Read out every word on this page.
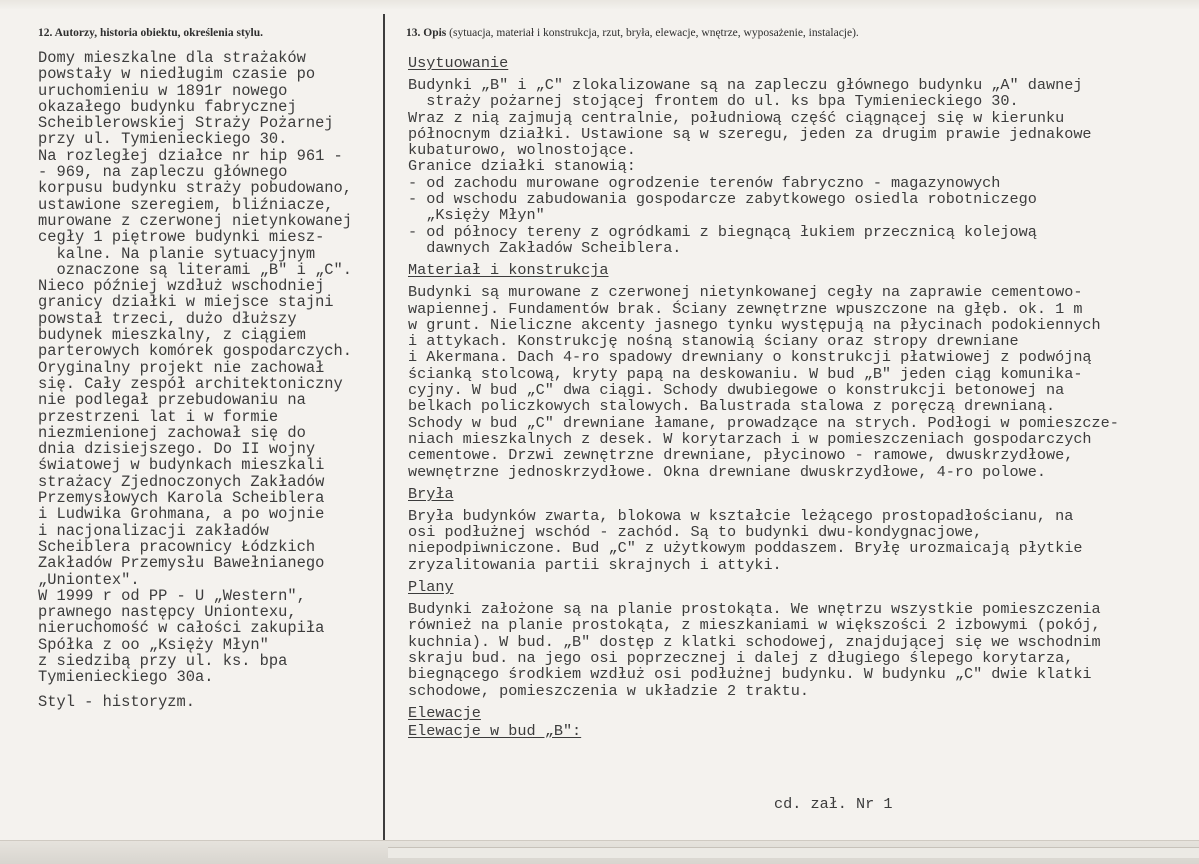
12. Autorzy, historia obiektu, określenia stylu.	13. Opis (sytuacja, materiał i konstrukcja, rzut, bryła, elewacje, wnętrze, wyposażenie, instalacje).
Domy mieszkalne dla strażaków
powstały w niedługim czasie po
uruchomieniu w 1891r nowego
okazałego budynku fabrycznej
Scheiblerowskiej Straży Pożarnej
przy ul. Tymienieckiego 30.
Na rozległej działce nr hip 961 -
- 969, na zapleczu głównego
korpusu budynku straży pobudowano,
ustawione szeregiem, bliźniacze,
murowane z czerwonej nietynkowanej
cegły 1 piętrowe budynki miesz-
kalne. Na planie sytuacyjnym
oznaczone są literami „B" i „C".
Nieco później wzdłuż wschodniej
granicy działki w miejsce stajni
powstał trzeci, dużo dłuższy
budynek mieszkalny, z ciągiem
parterowych komórek gospodarczych.
Oryginalny projekt nie zachował
się. Cały zespół architektoniczny
nie podlegał przebudowaniu na
przestrzeni lat i w formie
niezmienionej zachował się do
dnia dzisiejszego. Do II wojny
światowej w budynkach mieszkali
strażacy Zjednoczonych Zakładów
Przemysłowych Karola Scheiblera
i Ludwika Grohmana, a po wojnie
i nacjonalizacji zakładów
Scheiblera pracownicy Łódzkich
Zakładów Przemysłu Bawełnianego
„Uniontex".
W 1999 r od PP - U „Western",
prawnego następcy Uniontexu,
nieruchomość w całości zakupiła
Spółka z oo „Księży Młyn"
z siedzibą przy ul. ks. bpa
Tymienieckiego 30a.
Styl - historyzm.
Usytuowanie
Budynki „B" i „C" zlokalizowane są na zapleczu głównego budynku „A" dawnej
straży pożarnej stojącej frontem do ul. ks bpa Tymienieckiego 30.
Wraz z nią zajmują centralnie, południową część ciągnącej się w kierunku
północnym działki. Ustawione są w szeregu, jeden za drugim prawie jednakowe
kubaturowo, wolnostojące.
Granice działki stanowią:
- od zachodu murowane ogrodzenie terenów fabryczno - magazynowych
- od wschodu zabudowania gospodarcze zabytkowego osiedla robotniczego
„Księży Młyn"
- od północy tereny z ogródkami z biegnącą łukiem przecznicą kolejową
dawnych Zakładów Scheiblera.
Materiał i konstrukcja
Budynki są murowane z czerwonej nietynkowanej cegły na zaprawie cementowo-
wapiennej. Fundamentów brak. Ściany zewnętrzne wpuszczone na głęb. ok. 1 m
w grunt. Nieliczne akcenty jasnego tynku występują na płycinach podokiennych
i attykach. Konstrukcję nośną stanowią ściany oraz stropy drewniane
i Akermana. Dach 4-ro spadowy drewniany o konstrukcji płatwiowej z podwójną
ścianką stolcową, kryty papą na deskowaniu. W bud „B" jeden ciąg komunika-
cyjny. W bud „C" dwa ciągi. Schody dwubiegowe o konstrukcji betonowej na
belkach policzkowych stalowych. Balustrada stalowa z poręczą drewnianą.
Schody w bud „C" drewniane łamane, prowadzące na strych. Podłogi w pomieszcze-
niach mieszkalnych z desek. W korytarzach i w pomieszczeniach gospodarczych
cementowe. Drzwi zewnętrzne drewniane, płycinowo - ramowe, dwuskrzydłowe,
wewnętrzne jednoskrzydłowe. Okna drewniane dwuskrzydłowe, 4-ro polowe.
Bryła
Bryła budynków zwarta, blokowa w kształcie leżącego prostopadłościanu, na
osi podłużnej wschód - zachód. Są to budynki dwu-kondygnacjowe,
niepodpiwniczone. Bud „C" z użytkowym poddaszem. Bryłę urozmaicają płytkie
zryzalitowania partii skrajnych i attyki.
Plany
Budynki założone są na planie prostokąta. We wnętrzu wszystkie pomieszczenia
również na planie prostokąta, z mieszkaniami w większości 2 izbowymi (pokój,
kuchnia). W bud. „B" dostęp z klatki schodowej, znajdującej się we wschodnim
skraju bud. na jego osi poprzecznej i dalej z długiego ślepego korytarza,
biegnącego środkiem wzdłuż osi podłużnej budynku. W budynku „C" dwie klatki
schodowe, pomieszczenia w układzie 2 traktu.
Elewacje
Elewacje w bud „B":
cd. zał. Nr 1
